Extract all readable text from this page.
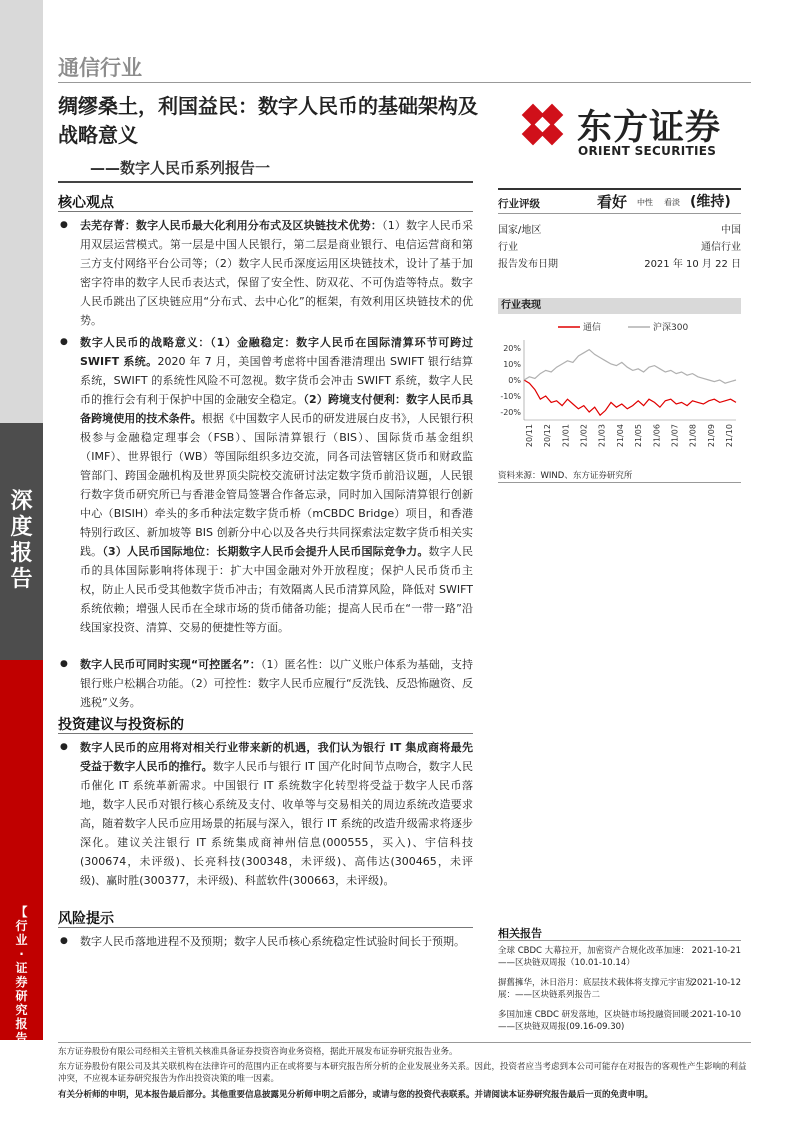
深
度
报
告
【
行
业
·
证
券
研
究
报
告
】
通信行业
绸缪桑土，利国益民：数字人民币的基础架构及战略意义
——数字人民币系列报告一
东方证券
ORIENT SECURITIES
核心观点
●	去芜存菁：数字人民币最大化利用分布式及区块链技术优势：（1）数字人民币采用双层运营模式。第一层是中国人民银行，第二层是商业银行、电信运营商和第三方支付网络平台公司等；（2）数字人民币深度运用区块链技术，设计了基于加密字符串的数字人民币表达式，保留了安全性、防双花、不可伪造等特点。数字人民币跳出了区块链应用“分布式、去中心化”的框架，有效利用区块链技术的优势。
●	数字人民币的战略意义：（1）金融稳定：数字人民币在国际清算环节可跨过 SWIFT 系统。2020 年 7 月，美国曾考虑将中国香港清理出 SWIFT 银行结算系统，SWIFT 的系统性风险不可忽视。数字货币会冲击 SWIFT 系统，数字人民币的推行会有利于保护中国的金融安全稳定。（2）跨境支付便利：数字人民币具备跨境使用的技术条件。根据《中国数字人民币的研发进展白皮书》，人民银行积极参与金融稳定理事会（FSB）、国际清算银行（BIS）、国际货币基金组织（IMF）、世界银行（WB）等国际组织多边交流，同各司法管辖区货币和财政监管部门、跨国金融机构及世界顶尖院校交流研讨法定数字货币前沿议题，人民银行数字货币研究所已与香港金管局签署合作备忘录，同时加入国际清算银行创新中心（BISIH）牵头的多币种法定数字货币桥（mCBDC Bridge）项目，和香港特别行政区、新加坡等 BIS 创新分中心以及各央行共同探索法定数字货币相关实践。（3）人民币国际地位：长期数字人民币会提升人民币国际竞争力。数字人民币的具体国际影响将体现于：扩大中国金融对外开放程度；保护人民币货币主权，防止人民币受其他数字货币冲击；有效隔离人民币清算风险，降低对 SWIFT 系统依赖；增强人民币在全球市场的货币储备功能；提高人民币在“一带一路”沿线国家投资、清算、交易的便捷性等方面。
●	数字人民币可同时实现“可控匿名”：（1）匿名性：以广义账户体系为基础，支持银行账户松耦合功能。（2）可控性：数字人民币应履行“反洗钱、反恐怖融资、反逃税”义务。
投资建议与投资标的
●	数字人民币的应用将对相关行业带来新的机遇，我们认为银行 IT 集成商将最先受益于数字人民币的推行。数字人民币与银行 IT 国产化时间节点吻合，数字人民币催化 IT 系统革新需求。中国银行 IT 系统数字化转型将受益于数字人民币落地，数字人民币对银行核心系统及支付、收单等与交易相关的周边系统改造要求高，随着数字人民币应用场景的拓展与深入，银行 IT 系统的改造升级需求将逐步深化。建议关注银行 IT 系统集成商神州信息(000555，买入)、宇信科技(300674，未评级)、长亮科技(300348，未评级)、高伟达(300465，未评级)、赢时胜(300377，未评级)、科蓝软件(300663，未评级)。
风险提示
●	数字人民币落地进程不及预期；数字人民币核心系统稳定性试验时间长于预期。
行业评级	看好 中性 看淡 (维持)
国家/地区	中国
行业	通信行业
报告发布日期	2021 年 10 月 22 日
行业表现
通信	沪深300
20%
10%
0%
-10%
-20%
20/11 20/12 21/01 21/02 21/03 21/04 21/05 21/06 21/07 21/08 21/09 21/10
资料来源：WIND、东方证券研究所
相关报告
全球 CBDC 大幕拉开，加密资产合规化改革加速：——区块链双周报（10.01-10.14）
2021-10-21
摒舊擁华，沐日浴月：底层技术载体将支撑元宇宙发展：——区块链系列报告二
2021-10-12
多国加速 CBDC 研发落地，区块链市场投融资回暖：——区块链双周报(09.16-09.30)
2021-10-10
东方证券股份有限公司经相关主管机关核准具备证券投资咨询业务资格，据此开展发布证券研究报告业务。
东方证券股份有限公司及其关联机构在法律许可的范围内正在或将要与本研究报告所分析的企业发展业务关系。因此，投资者应当考虑到本公司可能存在对报告的客观性产生影响的利益冲突，不应视本证券研究报告为作出投资决策的唯一因素。
有关分析师的申明，见本报告最后部分。其他重要信息披露见分析师申明之后部分，或请与您的投资代表联系。并请阅读本证券研究报告最后一页的免责申明。
